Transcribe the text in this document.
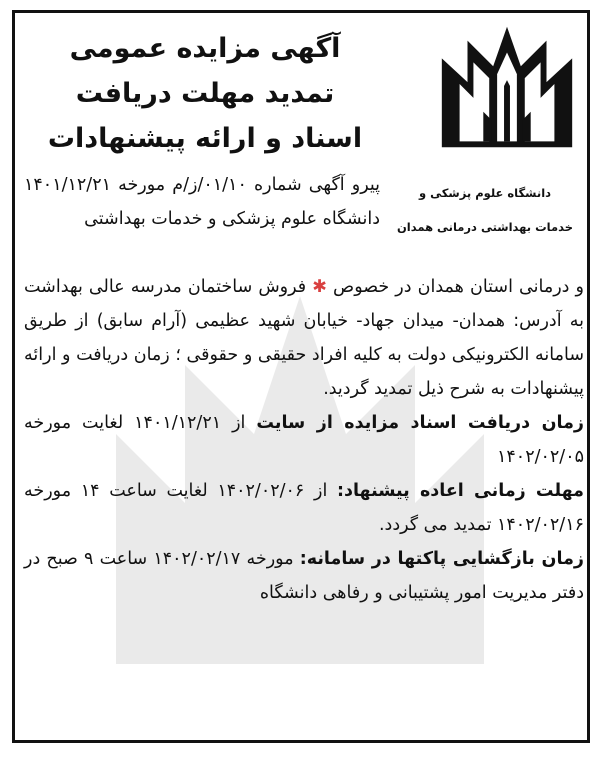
دانشگاه علوم پزشکی و
خدمات بهداشتی درمانی همدان
آگهی مزایده عمومی
تمدید مهلت دریافت
اسناد و ارائه پیشنهادات

پیرو آگهی شماره ۰۱/۱۰/ز/م مورخه ۱۴۰۱/۱۲/۲۱ دانشگاه علوم پزشکی و خدمات بهداشتی

و درمانی استان همدان در خصوص ✱ فروش ساختمان مدرسه عالی بهداشت به آدرس: همدان- میدان جهاد- خیابان شهید عظیمی (آرام سابق) از طریق سامانه الکترونیکی دولت به کلیه افراد حقیقی و حقوقی ؛ زمان دریافت و ارائه پیشنهادات به شرح ذیل تمدید گردید.

زمان دریافت اسناد مزایده از سایت از ۱۴۰۱/۱۲/۲۱ لغایت مورخه ۱۴۰۲/۰۲/۰۵

مهلت زمانی اعاده پیشنهاد: از ۱۴۰۲/۰۲/۰۶ لغایت ساعت ۱۴ مورخه ۱۴۰۲/۰۲/۱۶ تمدید می گردد.

زمان بازگشایی پاکتها در سامانه: مورخه ۱۴۰۲/۰۲/۱۷ ساعت ۹ صبح در دفتر مدیریت امور پشتیبانی و رفاهی دانشگاه
